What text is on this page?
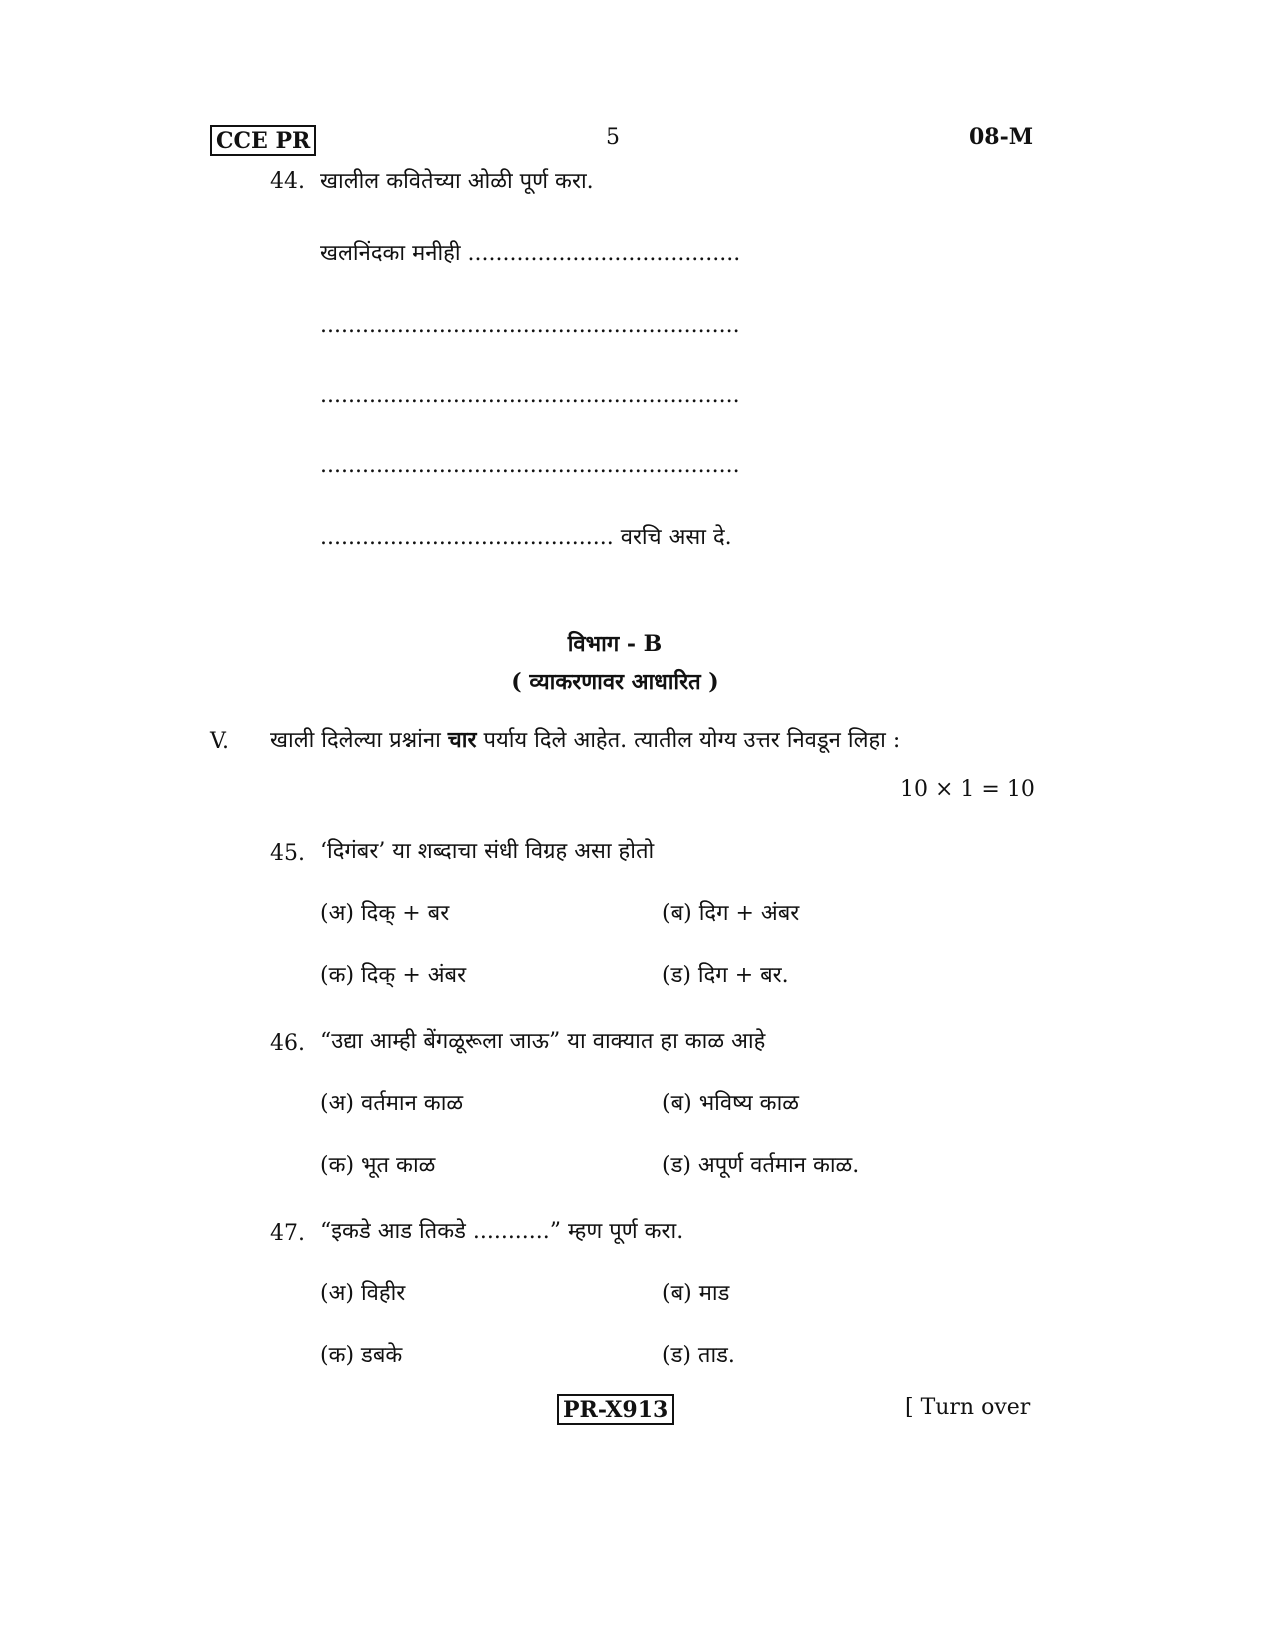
CCE PR	5	08-M
44. खालील कवितेच्या ओळी पूर्ण करा.
खलनिंदका मनीही .......................................
............................................................
............................................................
............................................................
.......................................... वरचि असा दे.
विभाग - B
( व्याकरणावर आधारित )
V. खाली दिलेल्या प्रश्नांना चार पर्याय दिले आहेत. त्यातील योग्य उत्तर निवडून लिहा :
10 × 1 = 10
45. ‘दिगंबर’ या शब्दाचा संधी विग्रह असा होतो
(अ) दिक् + बर	(ब) दिग + अंबर
(क) दिक् + अंबर	(ड) दिग + बर.
46. “उद्या आम्ही बेंगळूरूला जाऊ” या वाक्यात हा काळ आहे
(अ) वर्तमान काळ	(ब) भविष्य काळ
(क) भूत काळ	(ड) अपूर्ण वर्तमान काळ.
47. “इकडे आड तिकडे ...........” म्हण पूर्ण करा.
(अ) विहीर	(ब) माड
(क) डबके	(ड) ताड.
PR-X913	[ Turn over
